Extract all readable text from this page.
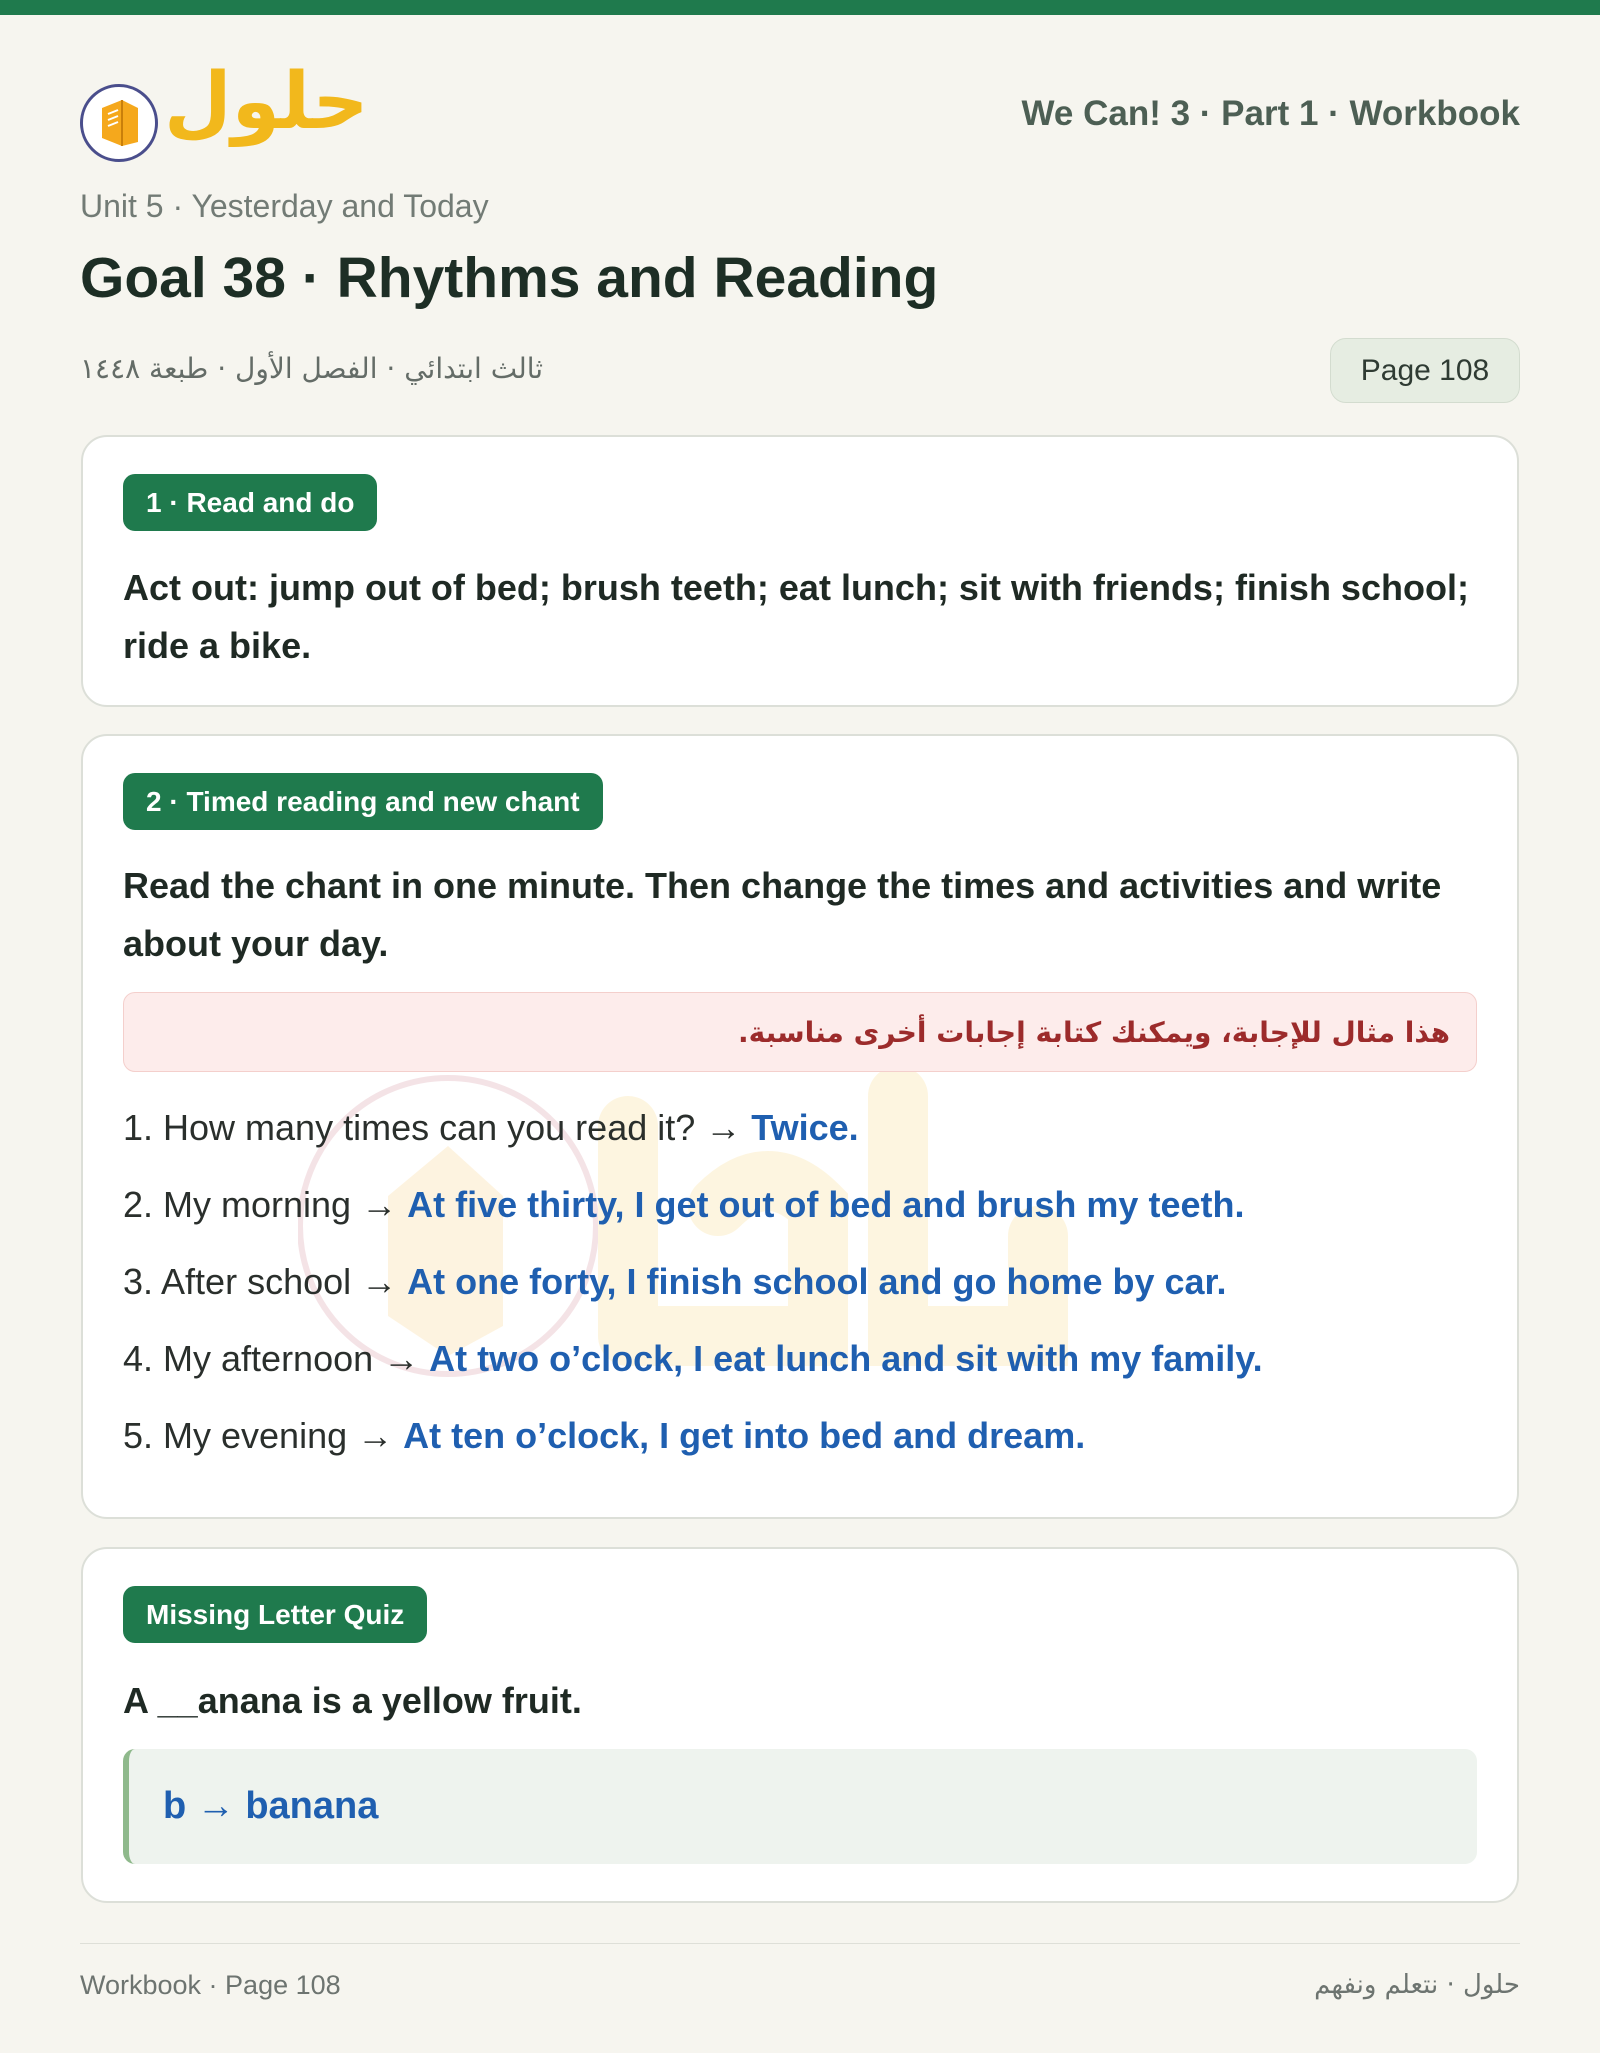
حلول	We Can! 3 · Part 1 · Workbook
Unit 5 · Yesterday and Today
Goal 38 · Rhythms and Reading
ثالث ابتدائي · الفصل الأول · طبعة ١٤٤٨	Page 108
1 · Read and do

Act out: jump out of bed; brush teeth; eat lunch; sit with friends; finish school; ride a bike.

2 · Timed reading and new chant

Read the chant in one minute. Then change the times and activities and write about your day.

هذا مثال للإجابة، ويمكنك كتابة إجابات أخرى مناسبة.
1. How many times can you read it? → Twice.
2. My morning → At five thirty, I get out of bed and brush my teeth.
3. After school → At one forty, I finish school and go home by car.
4. My afternoon → At two o’clock, I eat lunch and sit with my family.
5. My evening → At ten o’clock, I get into bed and dream.
Missing Letter Quiz

A __anana is a yellow fruit.

b → banana
Workbook · Page 108	حلول · نتعلم ونفهم
